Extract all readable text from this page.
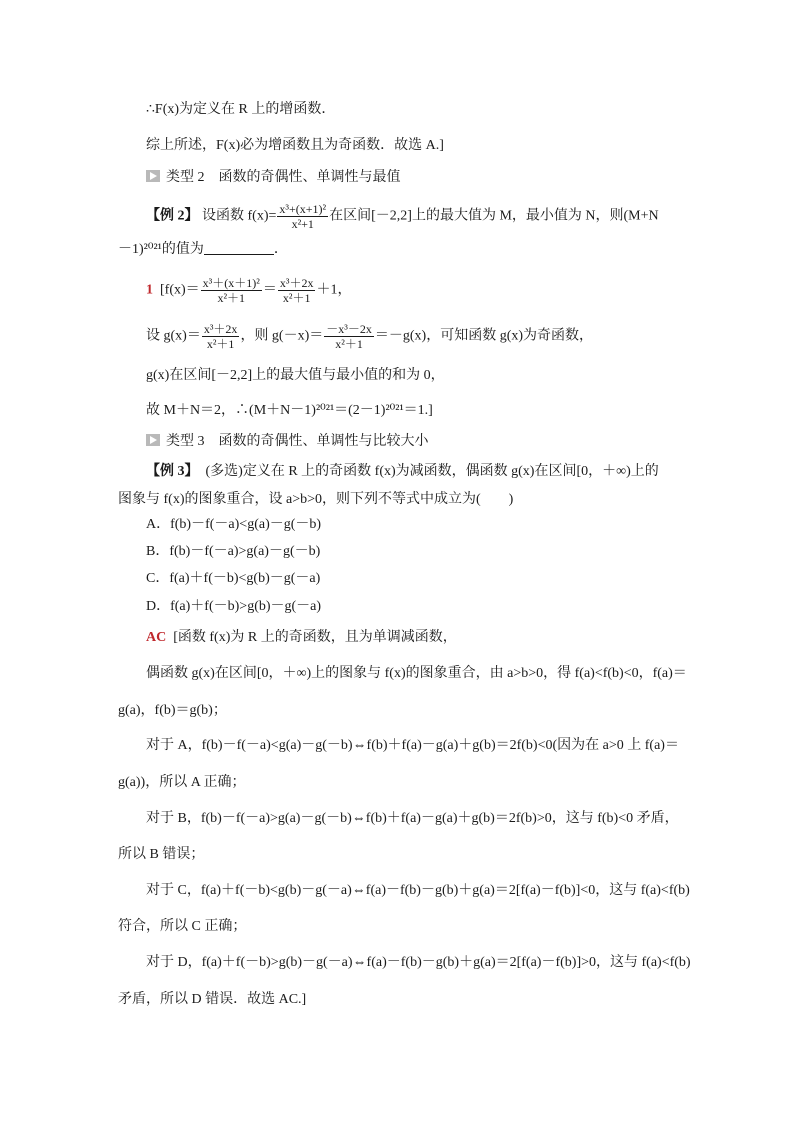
∴F(x)为定义在 R 上的增函数．
综上所述，F(x)必为增函数且为奇函数．故选 A.]
类型 2　函数的奇偶性、单调性与最值
【例 2】 设函数 $f(x)= \frac{\text{x³+(x+1)²}}{\text{x²+1}}$ 在区间[－2,2]上的最大值为 M，最小值为 N，则(M+N
－1)²⁰²¹的值为	．
1 [$f(x)= \frac{\text{x³＋(x＋1)²}}{\text{x²＋1}} = \frac{\text{x³＋2x}}{\text{x²＋1}} +1$，
设 $g(x)= \frac{\text{x³＋2x}}{\text{x²＋1}}$ ，则 $g(-x)= \frac{\text{－x³－2x}}{\text{x²＋1}} =-g(x)$，可知函数 g(x)为奇函数，
g(x)在区间[－2,2]上的最大值与最小值的和为 0，
故 M＋N＝2，∴(M＋N－1)²⁰²¹＝(2－1)²⁰²¹＝1.]
类型 3　函数的奇偶性、单调性与比较大小
【例 3】 (多选)定义在 R 上的奇函数 f(x)为减函数，偶函数 g(x)在区间[0，＋∞)上的
图象与 f(x)的图象重合，设 a>b>0，则下列不等式中成立为(　　)
A．f(b)－f(－a)<g(a)－g(－b)
B．f(b)－f(－a)>g(a)－g(－b)
C．f(a)＋f(－b)<g(b)－g(－a)
D．f(a)＋f(－b)>g(b)－g(－a)
AC [函数 f(x)为 R 上的奇函数，且为单调减函数，
偶函数 g(x)在区间[0，＋∞)上的图象与 f(x)的图象重合，由 a>b>0，得 f(a)<f(b)<0，f(a)＝
g(a)，f(b)＝g(b)；
对于 A，f(b)－f(－a)<g(a)－g(－b)⇔f(b)＋f(a)－g(a)＋g(b)＝2f(b)<0(因为在 a>0 上 f(a)＝
g(a))，所以 A 正确；
对于 B，f(b)－f(－a)>g(a)－g(－b)⇔f(b)＋f(a)－g(a)＋g(b)＝2f(b)>0，这与 f(b)<0 矛盾，
所以 B 错误；
对于 C，f(a)＋f(－b)<g(b)－g(－a)⇔f(a)－f(b)－g(b)＋g(a)＝2[f(a)－f(b)]<0，这与 f(a)<f(b)
符合，所以 C 正确；
对于 D，f(a)＋f(－b)>g(b)－g(－a)⇔f(a)－f(b)－g(b)＋g(a)＝2[f(a)－f(b)]>0，这与 f(a)<f(b)
矛盾，所以 D 错误．故选 AC.]
